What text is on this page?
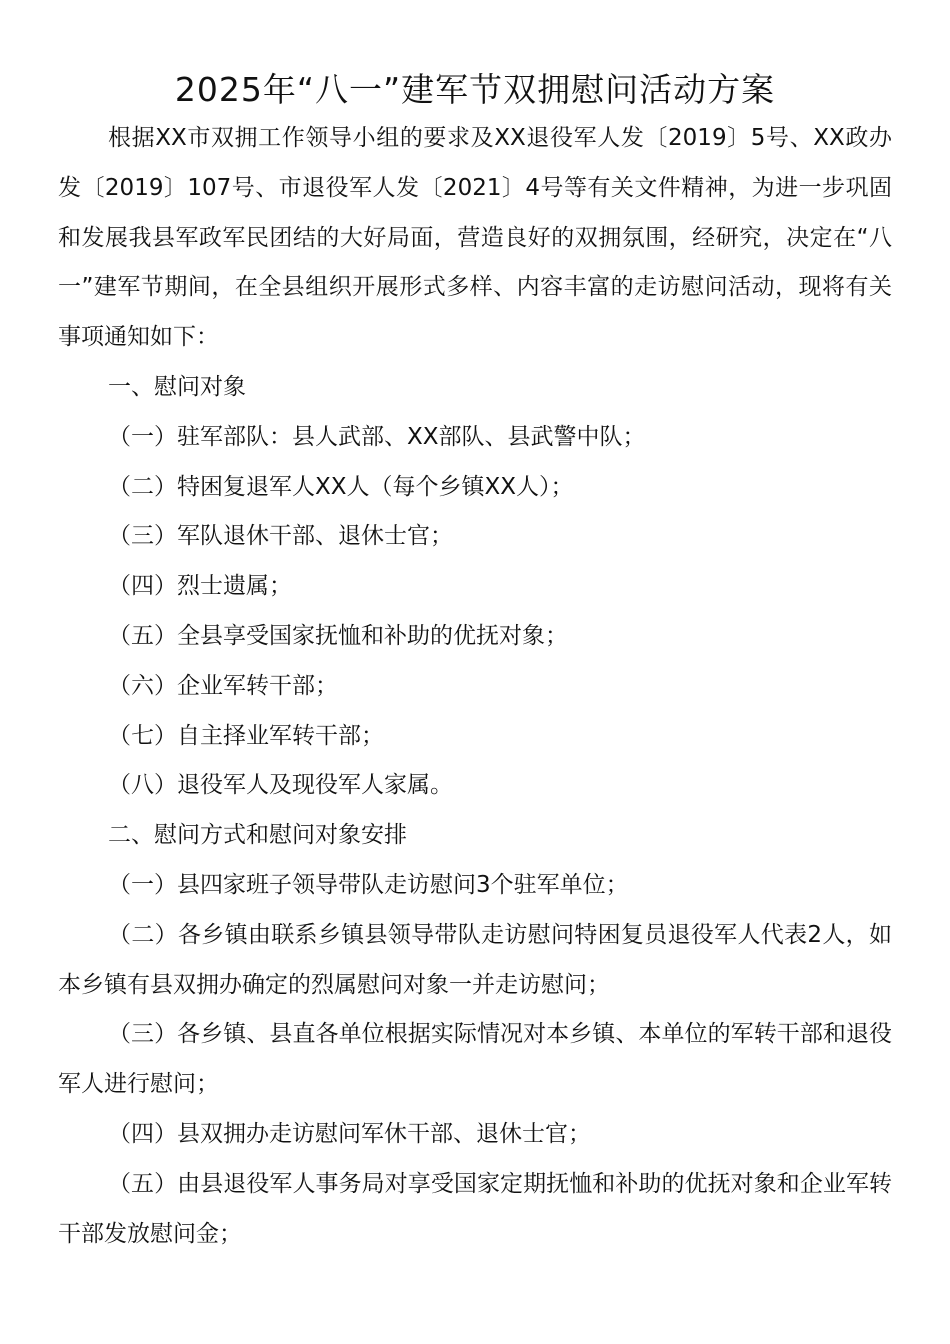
2025年“八一”建军节双拥慰问活动方案

根据XX市双拥工作领导小组的要求及XX退役军人发〔2019〕5号、XX政办发〔2019〕107号、市退役军人发〔2021〕4号等有关文件精神，为进一步巩固和发展我县军政军民团结的大好局面，营造良好的双拥氛围，经研究，决定在“八一”建军节期间，在全县组织开展形式多样、内容丰富的走访慰问活动，现将有关事项通知如下：

一、慰问对象

（一）驻军部队：县人武部、XX部队、县武警中队；

（二）特困复退军人XX人（每个乡镇XX人）；

（三）军队退休干部、退休士官；

（四）烈士遗属；

（五）全县享受国家抚恤和补助的优抚对象；

（六）企业军转干部；

（七）自主择业军转干部；

（八）退役军人及现役军人家属。

二、慰问方式和慰问对象安排

（一）县四家班子领导带队走访慰问3个驻军单位；

（二）各乡镇由联系乡镇县领导带队走访慰问特困复员退役军人代表2人，如本乡镇有县双拥办确定的烈属慰问对象一并走访慰问；

（三）各乡镇、县直各单位根据实际情况对本乡镇、本单位的军转干部和退役军人进行慰问；

（四）县双拥办走访慰问军休干部、退休士官；

（五）由县退役军人事务局对享受国家定期抚恤和补助的优抚对象和企业军转干部发放慰问金；
